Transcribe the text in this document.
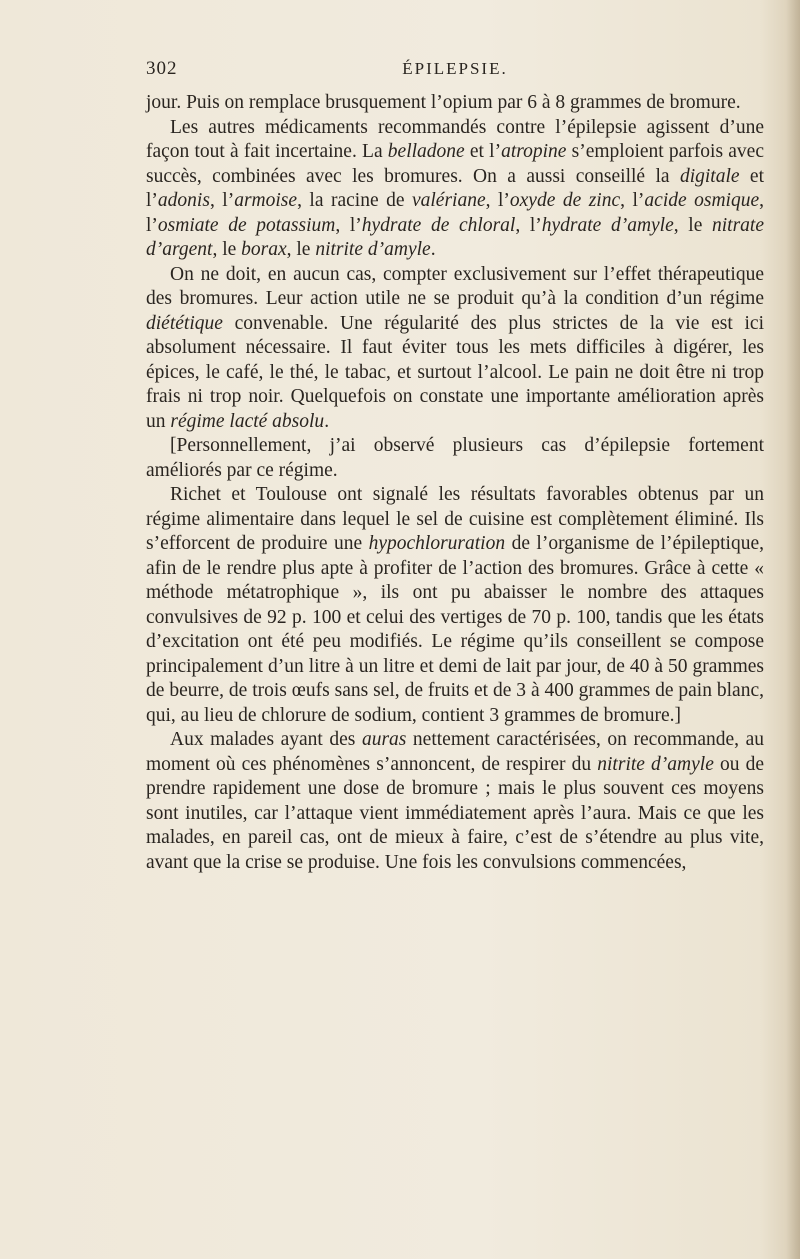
302	ÉPILEPSIE.

jour. Puis on remplace brusquement l’opium par 6 à 8 grammes de bromure.

Les autres médicaments recommandés contre l’épilepsie agissent d’une façon tout à fait incertaine. La belladone et l’atropine s’emploient parfois avec succès, combinées avec les bromures. On a aussi conseillé la digitale et l’adonis, l’armoise, la racine de valériane, l’oxyde de zinc, l’acide osmique, l’osmiate de potassium, l’hydrate de chloral, l’hydrate d’amyle, le nitrate d’argent, le borax, le nitrite d’amyle.

On ne doit, en aucun cas, compter exclusivement sur l’effet thérapeutique des bromures. Leur action utile ne se produit qu’à la condition d’un régime diététique convenable. Une régularité des plus strictes de la vie est ici absolument nécessaire. Il faut éviter tous les mets difficiles à digérer, les épices, le café, le thé, le tabac, et surtout l’alcool. Le pain ne doit être ni trop frais ni trop noir. Quelquefois on constate une importante amélioration après un régime lacté absolu.

[Personnellement, j’ai observé plusieurs cas d’épilepsie fortement améliorés par ce régime.

Richet et Toulouse ont signalé les résultats favorables obtenus par un régime alimentaire dans lequel le sel de cuisine est complètement éliminé. Ils s’efforcent de produire une hypochloruration de l’organisme de l’épileptique, afin de le rendre plus apte à profiter de l’action des bromures. Grâce à cette « méthode métatrophique », ils ont pu abaisser le nombre des attaques convulsives de 92 p. 100 et celui des vertiges de 70 p. 100, tandis que les états d’excitation ont été peu modifiés. Le régime qu’ils conseillent se compose principalement d’un litre à un litre et demi de lait par jour, de 40 à 50 grammes de beurre, de trois œufs sans sel, de fruits et de 3 à 400 grammes de pain blanc, qui, au lieu de chlorure de sodium, contient 3 grammes de bromure.]

Aux malades ayant des auras nettement caractérisées, on recommande, au moment où ces phénomènes s’annoncent, de respirer du nitrite d’amyle ou de prendre rapidement une dose de bromure ; mais le plus souvent ces moyens sont inutiles, car l’attaque vient immédiatement après l’aura. Mais ce que les malades, en pareil cas, ont de mieux à faire, c’est de s’étendre au plus vite, avant que la crise se produise. Une fois les convulsions commencées,
